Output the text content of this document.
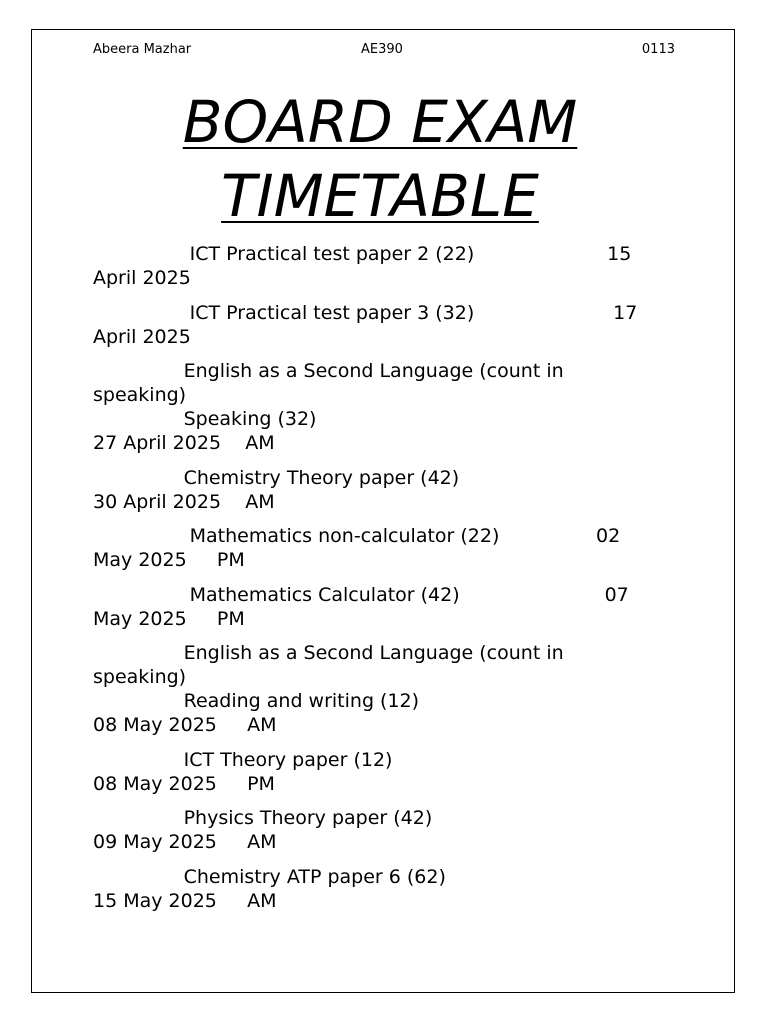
Abeera Mazhar	AE390	0113
BOARD EXAM
TIMETABLE
ICT Practical test paper 2 (22)                      15
April 2025
ICT Practical test paper 3 (32)                       17
April 2025
English as a Second Language (count in
speaking)
Speaking (32)
27 April 2025    AM
Chemistry Theory paper (42)
30 April 2025    AM
Mathematics non-calculator (22)                02
May 2025     PM
Mathematics Calculator (42)                        07
May 2025     PM
English as a Second Language (count in
speaking)
Reading and writing (12)
08 May 2025     AM
ICT Theory paper (12)
08 May 2025     PM
Physics Theory paper (42)
09 May 2025     AM
Chemistry ATP paper 6 (62)
15 May 2025     AM
